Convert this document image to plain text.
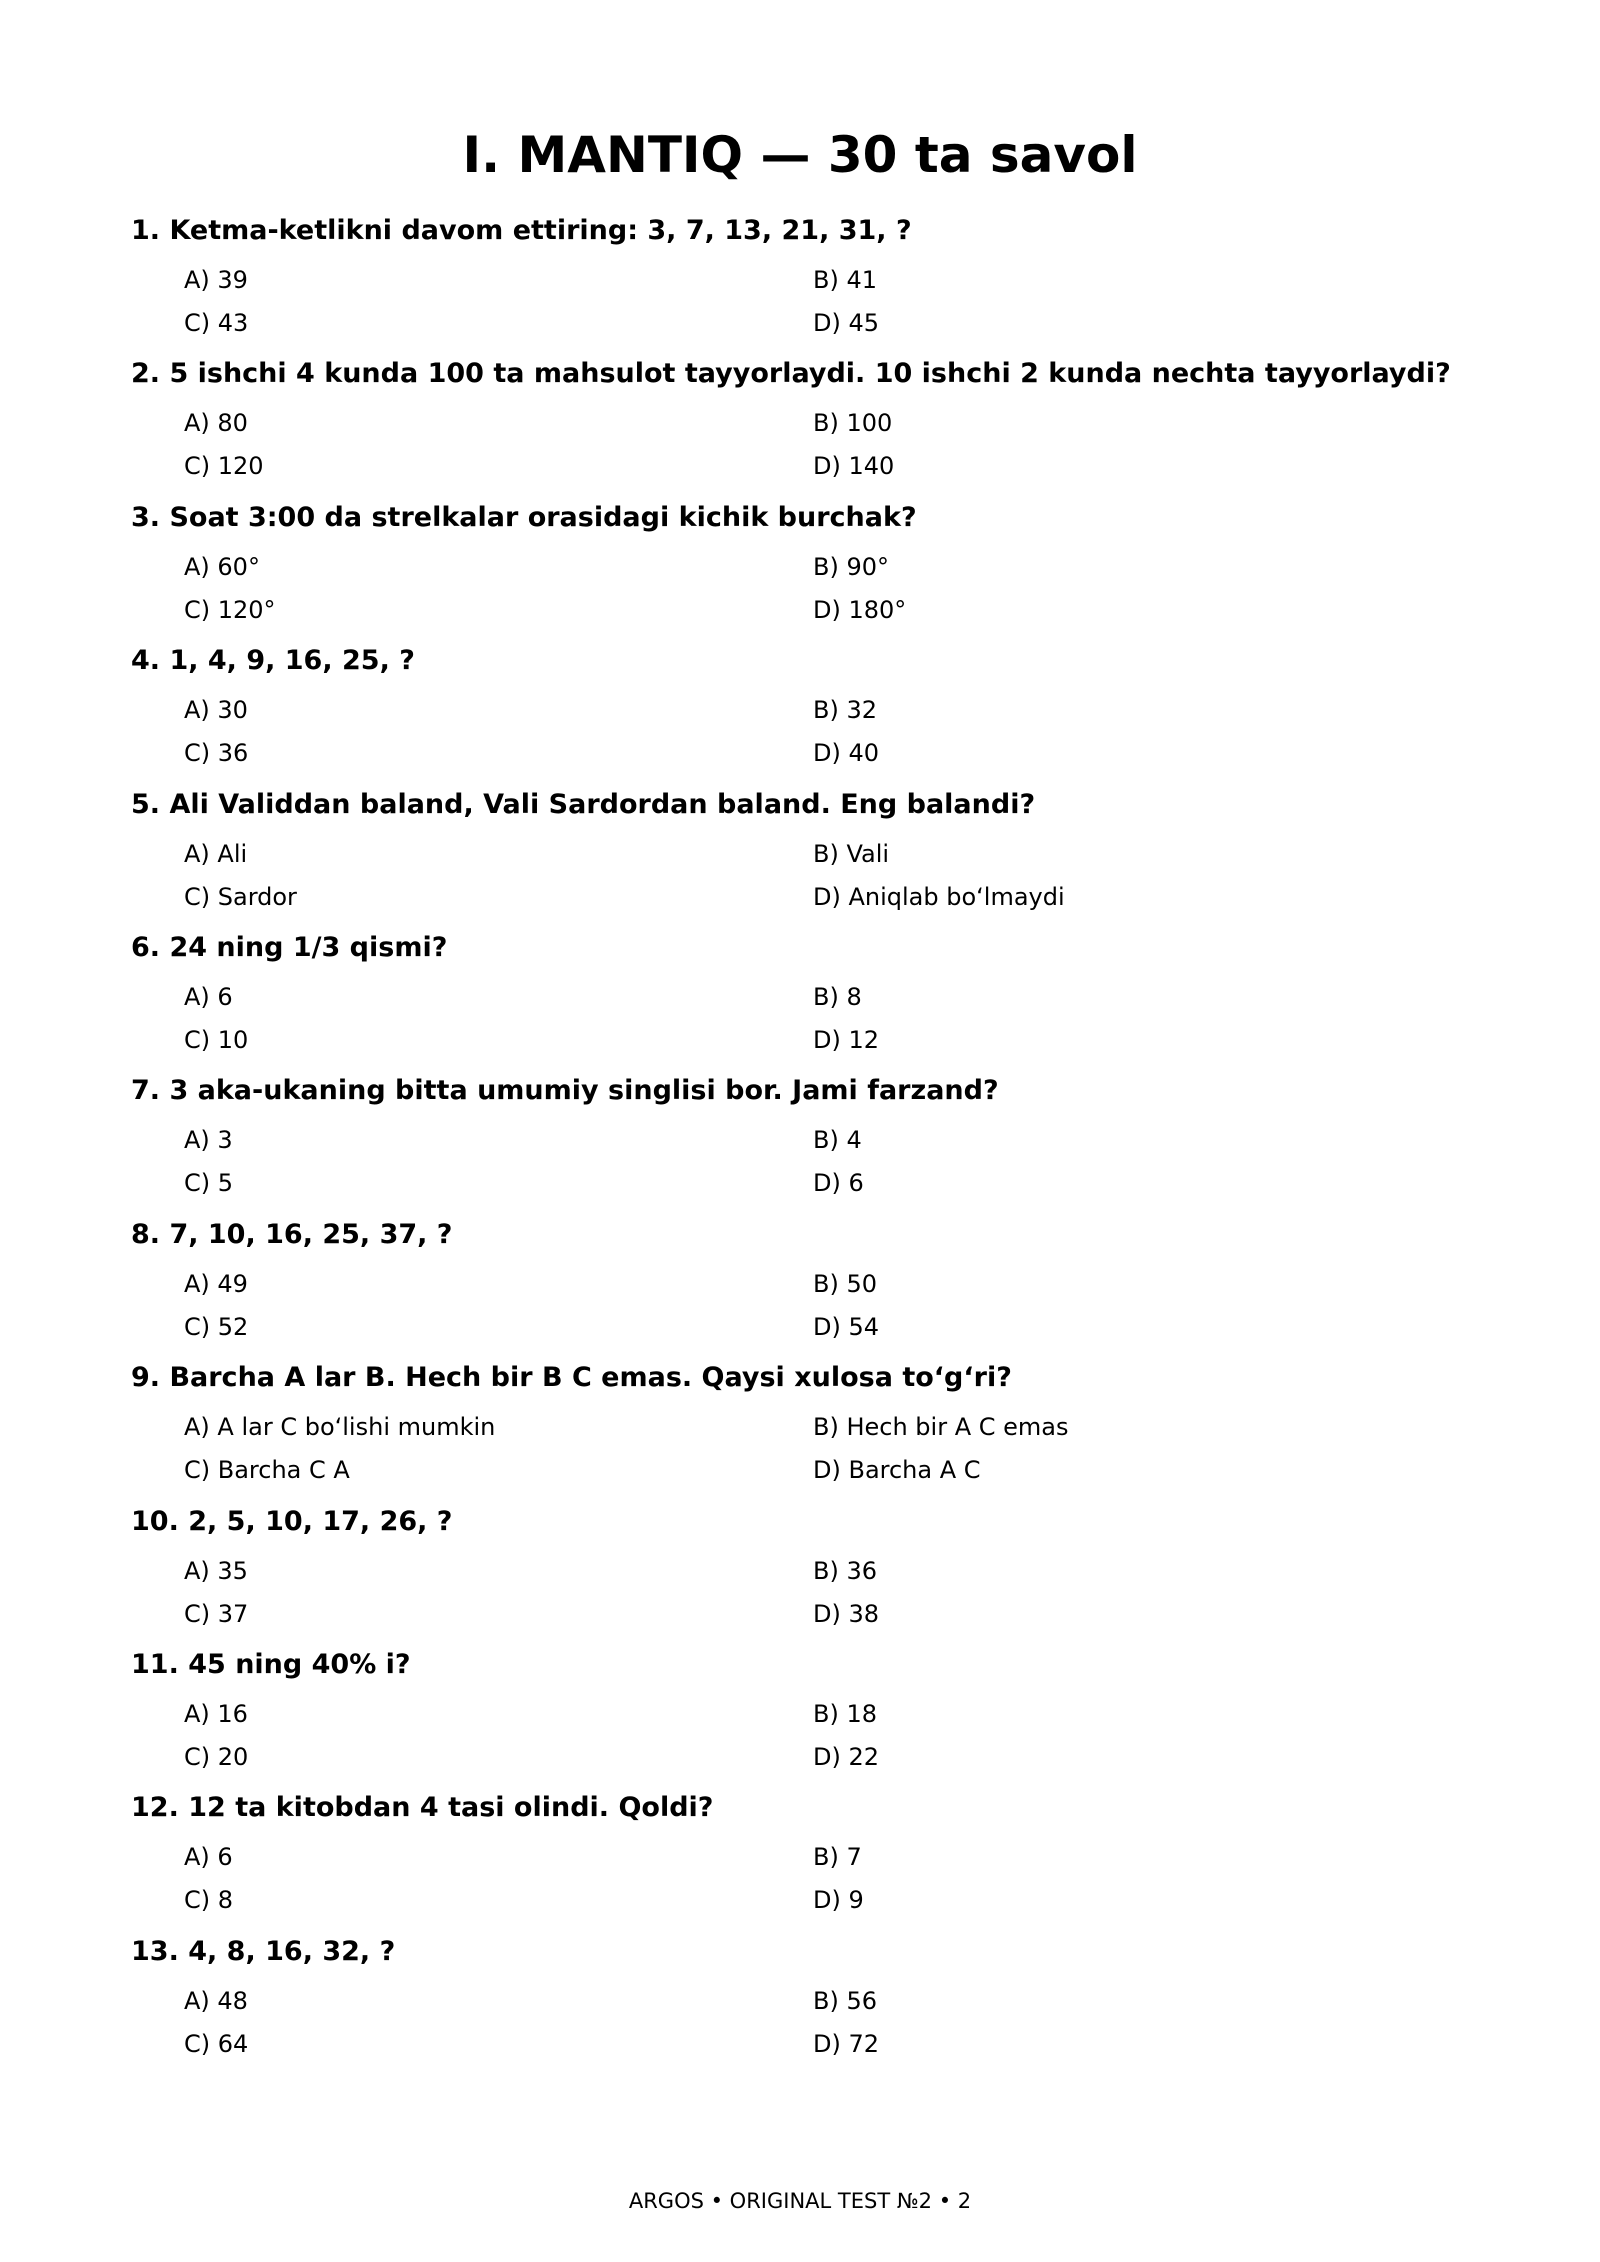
I. MANTIQ — 30 ta savol
1. Ketma-ketlikni davom ettiring: 3, 7, 13, 21, 31, ?
A) 39	B) 41
C) 43	D) 45
2. 5 ishchi 4 kunda 100 ta mahsulot tayyorlaydi. 10 ishchi 2 kunda nechta tayyorlaydi?
A) 80	B) 100
C) 120	D) 140
3. Soat 3:00 da strelkalar orasidagi kichik burchak?
A) 60°	B) 90°
C) 120°	D) 180°
4. 1, 4, 9, 16, 25, ?
A) 30	B) 32
C) 36	D) 40
5. Ali Validdan baland, Vali Sardordan baland. Eng balandi?
A) Ali	B) Vali
C) Sardor	D) Aniqlab bo‘lmaydi
6. 24 ning 1/3 qismi?
A) 6	B) 8
C) 10	D) 12
7. 3 aka-ukaning bitta umumiy singlisi bor. Jami farzand?
A) 3	B) 4
C) 5	D) 6
8. 7, 10, 16, 25, 37, ?
A) 49	B) 50
C) 52	D) 54
9. Barcha A lar B. Hech bir B C emas. Qaysi xulosa to‘g‘ri?
A) A lar C bo‘lishi mumkin	B) Hech bir A C emas
C) Barcha C A	D) Barcha A C
10. 2, 5, 10, 17, 26, ?
A) 35	B) 36
C) 37	D) 38
11. 45 ning 40% i?
A) 16	B) 18
C) 20	D) 22
12. 12 ta kitobdan 4 tasi olindi. Qoldi?
A) 6	B) 7
C) 8	D) 9
13. 4, 8, 16, 32, ?
A) 48	B) 56
C) 64	D) 72
ARGOS • ORIGINAL TEST №2 • 2
